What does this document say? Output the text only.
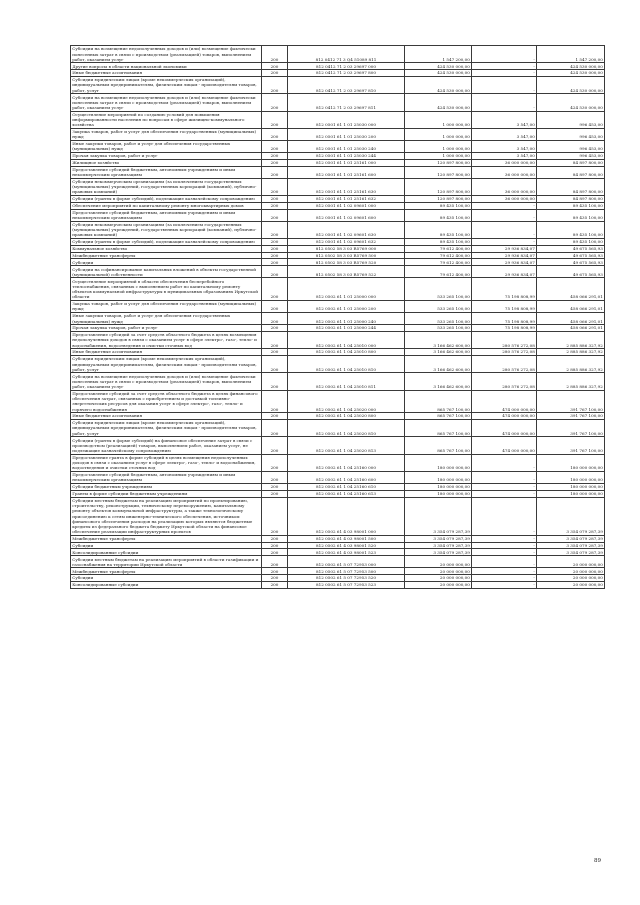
Субсидии на возмещение недополученных доходов и (или) возмещение фактически понесенных затрат в связи с производством (реализацией) товаров, выполнением работ, оказанием услуг	200	812 0412 71 3 Q4 51089 811	1 547 200,00	-	1 547 200,00
Другие вопросы в области национальной экономики	200	812 0412 71 2 03 29697 000	424 530 000,00	-	424 530 000,00
Иные бюджетные ассигнования	200	812 0412 71 2 03 29697 800	424 530 000,00	-	424 530 000,00
Субсидии юридическим лицам (кроме некоммерческих организаций), индивидуальным предпринимателям, физическим лицам - производителям товаров, работ, услуг	200	812 0412 71 2 03 29697 810	424 530 000,00	-	424 530 000,00
Субсидии на возмещение недополученных доходов и (или) возмещение фактически понесенных затрат в связи с производством (реализацией) товаров, выполнением работ, оказанием услуг	200	812 0412 71 2 03 29697 811	424 530 000,00	-	424 530 000,00
Осуществление мероприятий по созданию условий для повышения информированности населения по вопросам в сфере жилищно-коммунального хозяйства	200	812 0501 61 1 01 25030 000	1 000 000,00	3 547,00	996 453,00
Закупка товаров, работ и услуг для обеспечения государственных (муниципальных) нужд	200	812 0501 61 1 01 25030 200	1 000 000,00	3 547,00	996 453,00
Иные закупки товаров, работ и услуг для обеспечения государственных (муниципальных) нужд	200	812 0501 61 1 01 25030 240	1 000 000,00	3 547,00	996 453,00
Прочая закупка товаров, работ и услуг	200	812 0501 61 1 01 25030 244	1 000 000,00	3 547,00	996 453,00
Жилищное хозяйство	200	812 0501 61 1 01 25161 000	120 897 800,00	36 000 000,00	84 897 800,00
Предоставление субсидий бюджетным, автономным учреждениям и иным некоммерческим организациям	200	812 0501 61 1 01 25161 600	120 897 800,00	36 000 000,00	84 897 800,00
Субсидии некоммерческим организациям (за исключением государственных (муниципальных) учреждений, государственных корпораций (компаний), публично-правовых компаний)	200	812 0501 61 1 01 25161 630	120 897 800,00	36 000 000,00	84 897 800,00
Субсидии (гранты в форме субсидий), подлежащие казначейскому сопровождению	200	812 0501 61 1 01 25161 632	120 897 800,00	36 000 000,00	84 897 800,00
Обеспечение мероприятий по капитальному ремонту многоквартирных домов	200	812 0501 61 1 02 09601 000	89 435 100,00	-	89 435 100,00
Предоставление субсидий бюджетным, автономным учреждениям и иным некоммерческим организациям	200	812 0501 61 1 02 09601 600	89 435 100,00	-	89 435 100,00
Субсидии некоммерческим организациям (за исключением государственных (муниципальных) учреждений, государственных корпораций (компаний), публично-правовых компаний)	200	812 0501 61 1 02 09601 630	89 435 100,00	-	89 435 100,00
Субсидии (гранты в форме субсидий), подлежащие казначейскому сопровождению	200	812 0501 61 1 02 09601 632	89 435 100,00	-	89 435 100,00
Коммунальное хозяйство	200	812 0502 58 3 03 R5769 000	79 612 400,00	29 936 834,07	49 675 565,93
Межбюджетные трансферты	200	812 0502 58 3 03 R5769 500	79 612 400,00	29 936 834,07	49 675 565,93
Субсидии	200	812 0502 58 3 03 R5769 520	79 612 400,00	29 936 834,07	49 675 565,93
Субсидии на софинансирование капитальных вложений в объекты государственной (муниципальной) собственности	200	812 0502 58 3 03 R5769 522	79 612 400,00	29 936 834,07	49 675 565,93
Осуществление мероприятий в области обеспечения бесперебойного теплоснабжения, связанных с выполнением работ по капитальному ремонту объектов коммунальной инфраструктуры в муниципальных образованиях Иркутской области	200	812 0502 61 1 01 25000 000	533 265 100,00	75 198 808,99	458 066 291,01
Закупка товаров, работ и услуг для обеспечения государственных (муниципальных) нужд	200	812 0502 61 1 01 25000 200	533 265 100,00	75 198 808,99	458 066 291,01
Иные закупки товаров, работ и услуг для обеспечения государственных (муниципальных) нужд	200	812 0502 61 1 01 25000 240	533 265 100,00	75 198 808,99	458 066 291,01
Прочая закупка товаров, работ и услуг	200	812 0502 61 1 01 25000 244	533 265 100,00	75 198 808,99	458 066 291,01
Предоставление субсидий за счет средств областного бюджета в целях возмещения недополученных доходов в связи с оказанием услуг в сфере электро-, газо-, тепло- и водоснабжения, водоотведения и очистки сточных вод	200	812 0502 61 1 04 25010 000	3 166 462 600,00	280 576 272,08	2 885 886 327,92
Иные бюджетные ассигнования	200	812 0502 61 1 04 25010 800	3 166 462 600,00	280 576 272,08	2 885 886 327,92
Субсидии юридическим лицам (кроме некоммерческих организаций), индивидуальным предпринимателям, физическим лицам - производителям товаров, работ, услуг	200	812 0502 61 1 04 25010 810	3 166 462 600,00	280 576 272,08	2 885 886 327,92
Субсидии на возмещение недополученных доходов и (или) возмещение фактически понесенных затрат в связи с производством (реализацией) товаров, выполнением работ, оказанием услуг	200	812 0502 61 1 04 25010 811	3 166 462 600,00	280 576 272,08	2 885 886 327,92
Предоставление субсидий за счет средств областного бюджета в целях финансового обеспечения затрат, связанных с приобретением и доставкой топливно-энергетических ресурсов для оказания услуг в сфере электро-, газо-, тепло- и горячего водоснабжения	200	812 0502 61 1 04 25020 000	865 767 100,00	474 000 000,00	391 767 100,00
Иные бюджетные ассигнования	200	812 0502 61 1 04 25020 800	865 767 100,00	474 000 000,00	391 767 100,00
Субсидии юридическим лицам (кроме некоммерческих организаций), индивидуальным предпринимателям, физическим лицам - производителям товаров, работ, услуг	200	812 0502 61 1 04 25020 810	865 767 100,00	474 000 000,00	391 767 100,00
Субсидии (гранты в форме субсидий) на финансовое обеспечение затрат в связи с производством (реализацией) товаров, выполнением работ, оказанием услуг, не подлежащие казначейскому сопровождению	200	812 0502 61 1 04 25020 813	865 767 100,00	474 000 000,00	391 767 100,00
Предоставление гранта в форме субсидий в целях возмещения недополученных доходов в связи с оказанием услуг в сфере электро-, газо-, тепло- и водоснабжения, водоотведения и очистки сточных вод	200	812 0502 61 1 04 25160 000	180 000 000,00	-	180 000 000,00
Предоставление субсидий бюджетным, автономным учреждениям и иным некоммерческим организациям	200	812 0502 61 1 04 25160 600	180 000 000,00	-	180 000 000,00
Субсидии бюджетным учреждениям	200	812 0502 61 1 04 25160 610	180 000 000,00	-	180 000 000,00
Гранты в форме субсидии бюджетным учреждениям	200	812 0502 61 1 04 25160 613	180 000 000,00	-	180 000 000,00
Субсидии местным бюджетам на реализацию мероприятий по проектированию, строительству, реконструкции, техническому перевооружению, капитальному ремонту объектов коммунальной инфраструктуры, а также технологическому присоединению к сетям инженерно-технического обеспечения, источником финансового обеспечения расходов на реализацию которых являются бюджетные кредиты из федерального бюджета бюджету Иркутской области на финансовое обеспечение реализации инфраструктурных проектов	200	812 0502 61 4 03 98001 000	3 354 079 287,39	-	3 354 079 287,39
Межбюджетные трансферты	200	812 0502 61 4 03 98001 500	3 354 079 287,39	-	3 354 079 287,39
Субсидии	200	812 0502 61 4 03 98001 520	3 354 079 287,39	-	3 354 079 287,39
Консолидированные субсидии	200	812 0502 61 4 03 98001 523	3 354 079 287,39	-	3 354 079 287,39
Субсидии местным бюджетам на реализацию мероприятий в области газификации и газоснабжения на территории Иркутской области	200	812 0502 61 5 07 72953 000	20 000 000,00	-	20 000 000,00
Межбюджетные трансферты	200	812 0502 61 5 07 72953 500	20 000 000,00	-	20 000 000,00
Субсидии	200	812 0502 61 5 07 72953 520	20 000 000,00	-	20 000 000,00
Консолидированные субсидии	200	812 0502 61 5 07 72953 523	20 000 000,00	-	20 000 000,00
89
